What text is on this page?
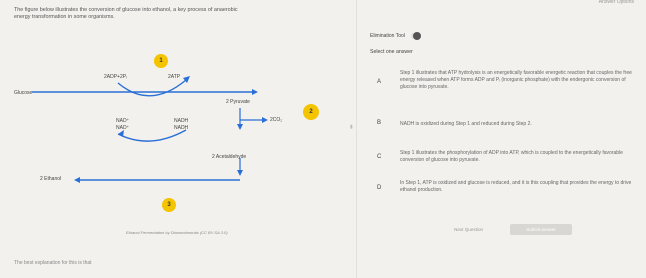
Answer Options
The figure below illustrates the conversion of glucose into ethanol, a key process of anaerobic energy transformation in some organisms.
2ADP+2Pᵢ	2ATP
Glucose
2 Pyruvate
NAD⁺
NAD⁺
NADH
NADH
2CO₂
2 Acetaldehyde
2 Ethanol
1
2
3
Ethanol Fermentation by Diamondmorals (CC BY-SA 3.0)
The best explanation for this is that
▮
Elimination Tool
Select one answer
A
Step 1 illustrates that ATP hydrolysis is an energetically favorable energetic reaction that couples the free energy released when ATP forms ADP and Pᵢ (inorganic phosphate) with the endergonic conversion of glucose into pyruvate.
B	NADH is oxidized during Step 1 and reduced during Step 2.
C
Step 1 illustrates the phosphorylation of ADP into ATP, which is coupled to the energetically favorable conversion of glucose into pyruvate.
D
In Step 1, ATP is oxidized and glucose is reduced, and it is this coupling that provides the energy to drive ethanol production.
Next Question	Submit answer
